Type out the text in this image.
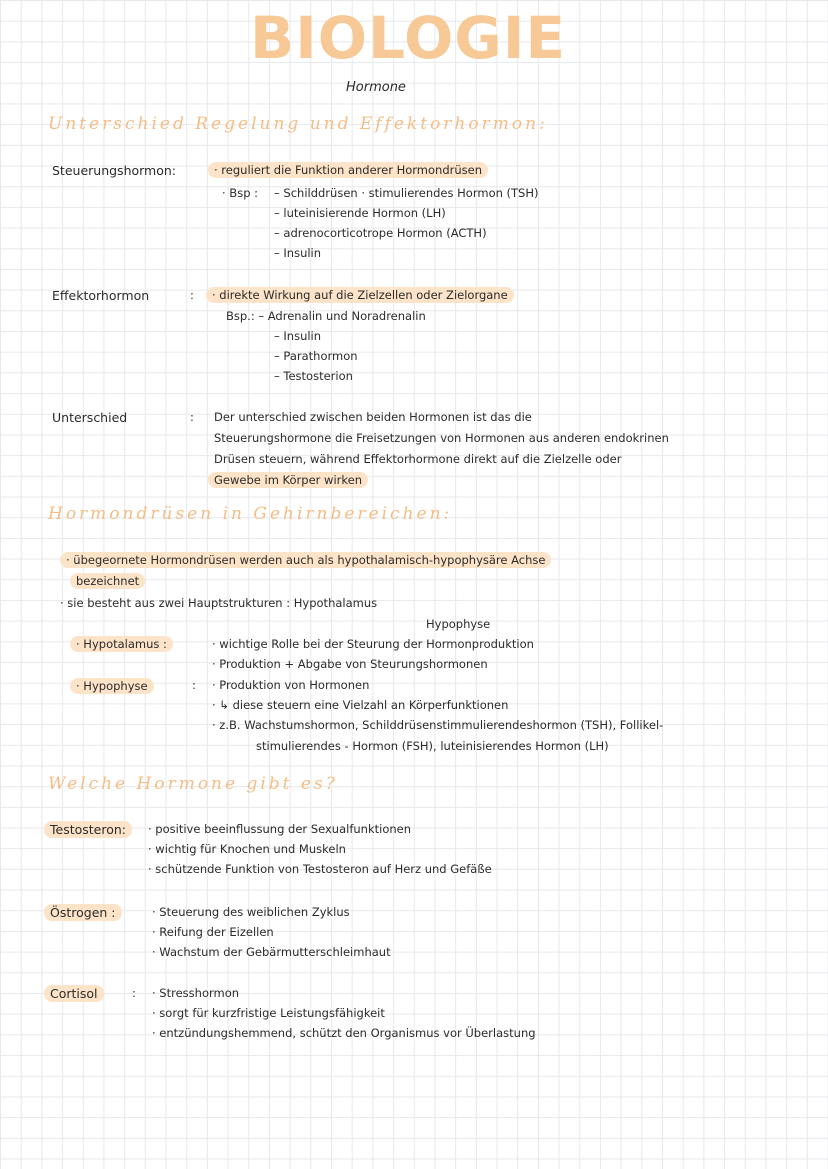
BIOLOGIE
Hormone
Unterschied Regelung und Effektorhormon:
Steuerungshormon:	· reguliert die Funktion anderer Hormondrüsen
· Bsp : – Schilddrüsen · stimulierendes Hormon (TSH)
– luteinisierende Hormon (LH)
– adrenocorticotrope Hormon (ACTH)
– Insulin
Effektorhormon	:	· direkte Wirkung auf die Zielzellen oder Zielorgane
Bsp.: – Adrenalin und Noradrenalin
– Insulin
– Parathormon
– Testosterion
Unterschied	: Der unterschied zwischen beiden Hormonen ist das die
Steuerungshormone die Freisetzungen von Hormonen aus anderen endokrinen
Drüsen steuern, während Effektorhormone direkt auf die Zielzelle oder
Gewebe im Körper wirken
Hormondrüsen in Gehirnbereichen:
· übegeornete Hormondrüsen werden auch als hypothalamisch-hypophysäre Achse
bezeichnet
· sie besteht aus zwei Hauptstrukturen : Hypothalamus
Hypophyse
· Hypotalamus :	· wichtige Rolle bei der Steurung der Hormonproduktion
· Produktion + Abgabe von Steurungshormonen
· Hypophyse	: · Produktion von Hormonen
· ↳ diese steuern eine Vielzahl an Körperfunktionen
· z.B. Wachstumshormon, Schilddrüsenstimmulierendeshormon (TSH), Follikel-
stimulierendes - Hormon (FSH), luteinisierendes Hormon (LH)
Welche Hormone gibt es?
Testosteron:	· positive beeinflussung der Sexualfunktionen
· wichtig für Knochen und Muskeln
· schützende Funktion von Testosteron auf Herz und Gefäße
Östrogen :	· Steuerung des weiblichen Zyklus
· Reifung der Eizellen
· Wachstum der Gebärmutterschleimhaut
Cortisol	: · Stresshormon
· sorgt für kurzfristige Leistungsfähigkeit
· entzündungshemmend, schützt den Organismus vor Überlastung
